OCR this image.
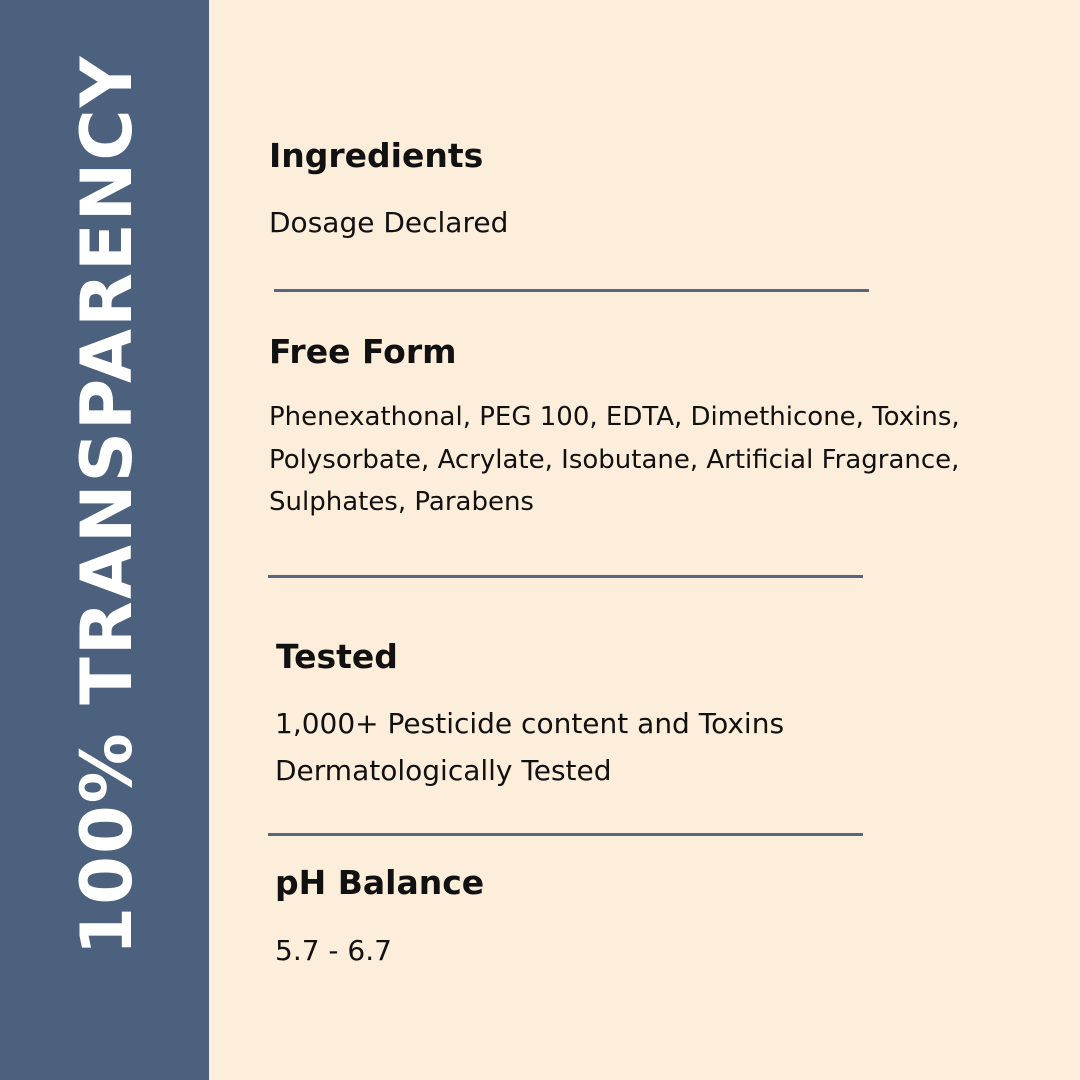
100% TRANSPARENCY	Ingredients
Dosage Declared
Free Form
Phenexathonal, PEG 100, EDTA, Dimethicone, Toxins,
Polysorbate, Acrylate, Isobutane, Artificial Fragrance,
Sulphates, Parabens
Tested
1,000+ Pesticide content and Toxins
Dermatologically Tested
pH Balance
5.7 - 6.7
